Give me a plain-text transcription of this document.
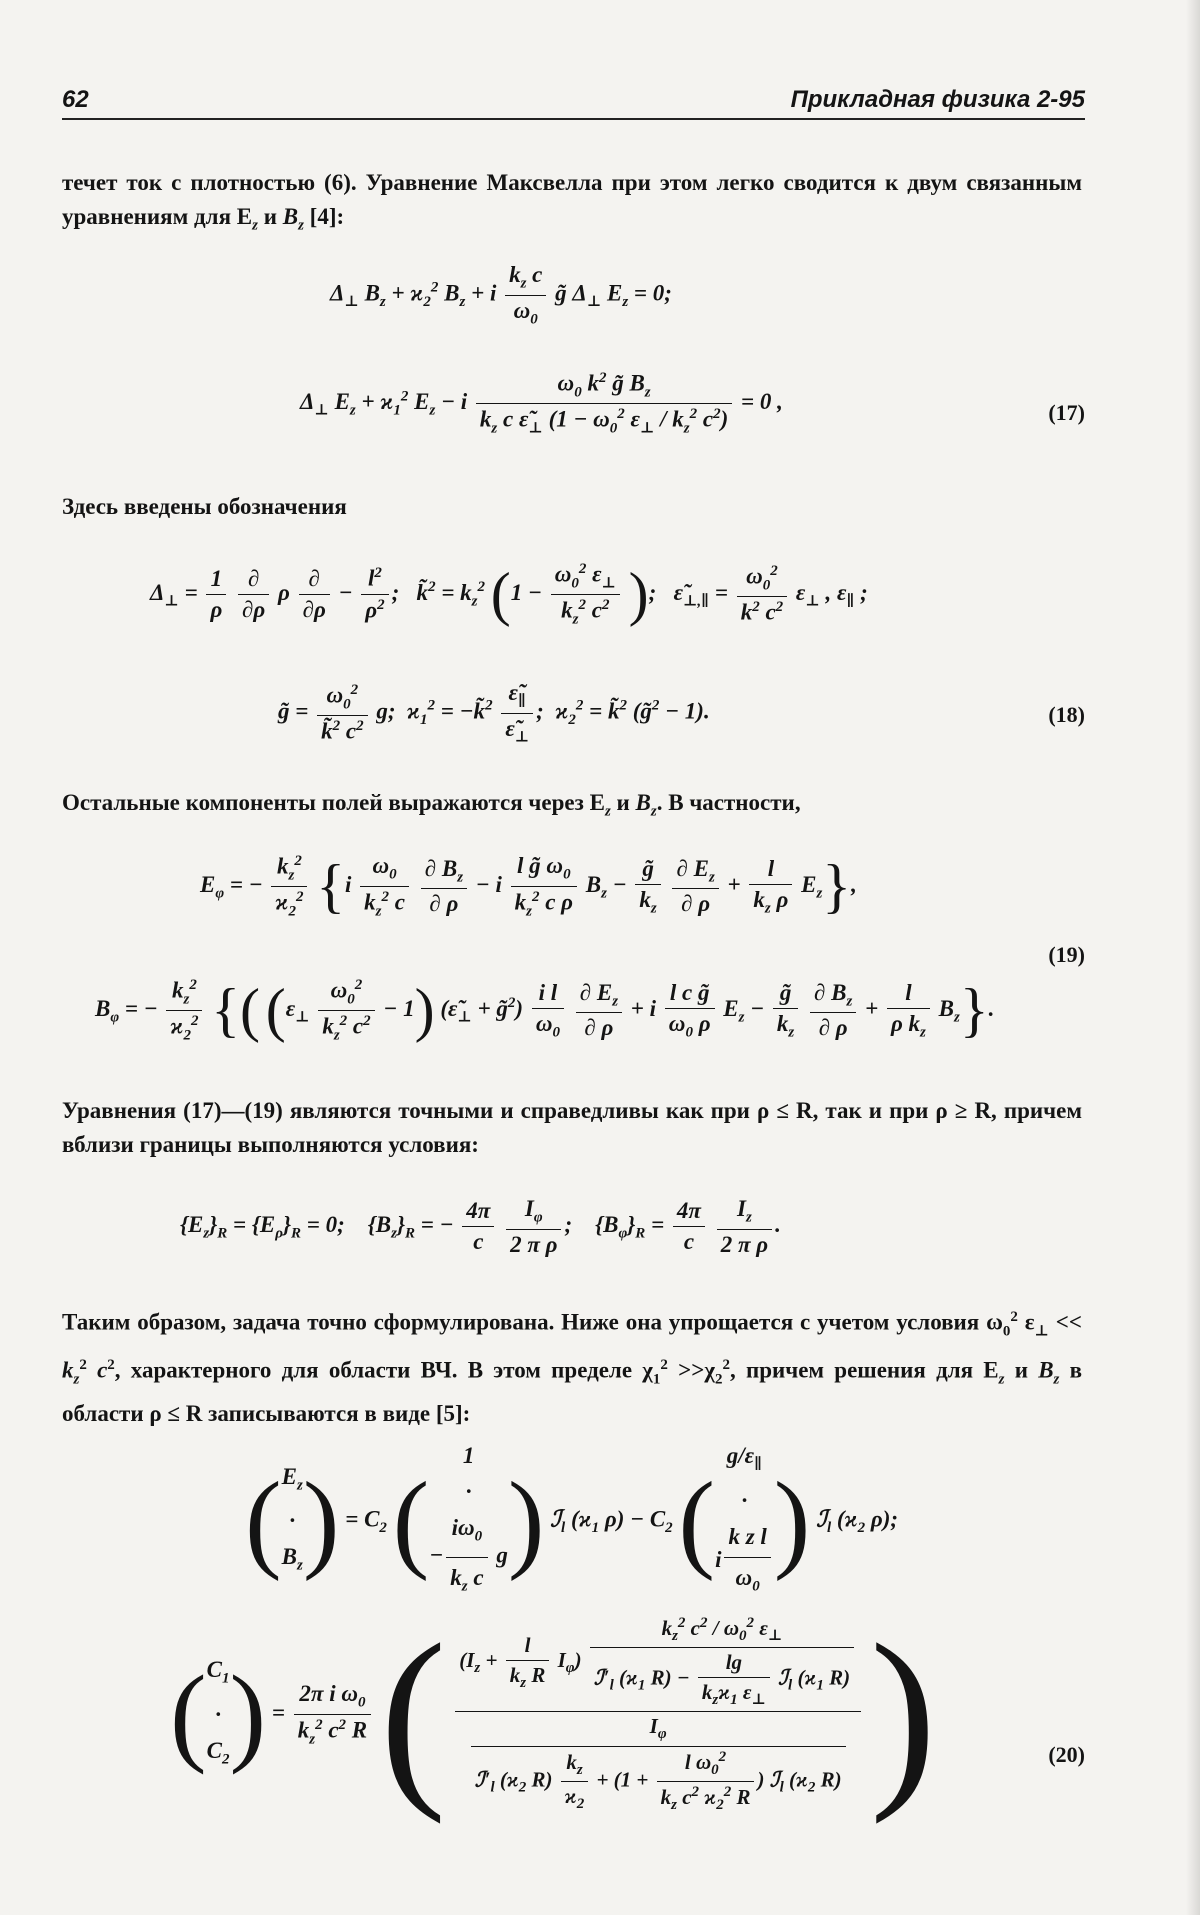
62	Прикладная физика 2-95
течет ток с плотностью (6). Уравнение Максвелла при этом легко сводится к двум связанным уравнениям для $E_z$ и $B_z$ [4]:
$\Delta_\perp$ $B_z + ϰ_2^2$ $B_z + i \frac{k_z c}{\omega_0}$ g̃ $\Delta_\perp$ $E_z = 0$;
$\Delta_\perp$ $E_z + ϰ_1^2$ $E_z - i \frac{\omega_0 k^2 g̃ B_z}{k_z c \varepsiloñ_\perp (1 - \omega_0^2 \varepsilon_\perp / k_z^2 c^2)} = 0$ ,	(17)
Здесь введены обозначения
$\Delta_\perp = \frac{1}{\rho}$
$\frac{\partial}{\partial\rho}$ ρ $\frac{\partial}{\partial\rho} - \frac{l^2}{\rho^2}$ ;   k̃$^2$ = $k_z^2$ ($1 - \frac{\omega_0^2 \varepsilon_\perp}{k_z^2 c^2}$ );   $\varepsiloñ_{\perp,\parallel} = \frac{\omega_0^2}{k^2 c^2} \varepsilon_\perp$ , $\varepsilon_\parallel$ ;
g̃ = $\frac{\omega_0^2}{k̃^2 c^2} g$;  $ϰ_1^2$ = −k̃$^2$ $\frac{\varepsiloñ_\parallel}{\varepsiloñ_\perp}$ ;  $ϰ_2^2$ = k̃$^2$ (g̃$^2$ − 1).	(18)
Остальные компоненты полей выражаются через $E_z$ и $B_z$. В частности,
$E_\varphi$ = − $\frac{k_z^2}{ϰ_2^2} \{i \frac{\omega_0}{k_z^2 c}$
$\frac{\partial B_z}{\partial \rho} - i \frac{l g̃ \omega_0}{k_z^2 c \rho} B_z - \frac{g̃}{k_z}$
$\frac{\partial E_z}{\partial \rho} + \frac{l}{k_z \rho} E_z$},
(19)
$B_\varphi$ = − $\frac{k_z^2}{ϰ_2^2}$ {( $(\varepsilon_\perp \frac{\omega_0^2}{k_z^2 c^2} - 1)$ ($\varepsiloñ_\perp$ + g̃$^2$) $\frac{\text{i l}}{\omega_0}$
$\frac{\partial E_z}{\partial \rho} + i \frac{\text{l c g̃}}{\omega_0 \rho} E_z - \frac{g̃}{k_z}$
$\frac{\partial B_z}{\partial \rho} + \frac{l}{\rho k_z} B_z$}.
Уравнения (17)—(19) являются точными и справедливы как при ρ ≤ R, так и при ρ ≥ R, причем вблизи границы выполняются условия:
$\{E_z\}_R = \{E_\rho\}_R = 0$;    $\{B_z\}_R$ = − $\frac{4\pi}{c}$
$\frac{I_\varphi}{\text{2 π ρ}}$ ;    $\{B_\varphi\}_R = \frac{4\pi}{c}$
$\frac{I_z}{\text{2 π ρ}}$ .
Таким образом, задача точно сформулирована. Ниже она упрощается с учетом условия $\omega_0^2$ $\varepsilon_\perp << k_z^2$ $c^2$, характерного для области ВЧ. В этом пределе $\chi_1^2 >>\chi_2^2$, причем решения для $E_z$ и $B_z$ в области ρ ≤ R записываются в виде [5]:
($E_z$
·
$B_z) = C_2$ (1
·
− $\frac{i\omega_0}{k_z c} g$) ℐ$_l$ ($ϰ_1$ $\rho) - C_2$ ($g/\varepsilon_\parallel$
·
i $\frac{\text{k z l}}{\omega_0}$ ) ℐ$_l$ ($ϰ_2$ ρ);
($C_1$
·
$C_2) = \frac{2\pi i \omega_0}{k_z^2 c^2 R}$ ( $(I_z + \frac{l}{k_z R} I_\varphi) \frac{k_z^2 c^2 / \omega_0^2 \varepsilon_\perp}{ℐ'_l (ϰ_1 R) - \frac{\lg}{k_zϰ_1 \varepsilon_\perp} ℐ_l (ϰ_1 R)}$
$\frac{I_\varphi}{ℐ'_l (ϰ_2 R) \frac{k_z}{ϰ_2} + (1 + \frac{l \omega_0^2}{k_z c^2 ϰ_2^2 R} ) ℐ_l (ϰ_2 R)}$ )	(20)
